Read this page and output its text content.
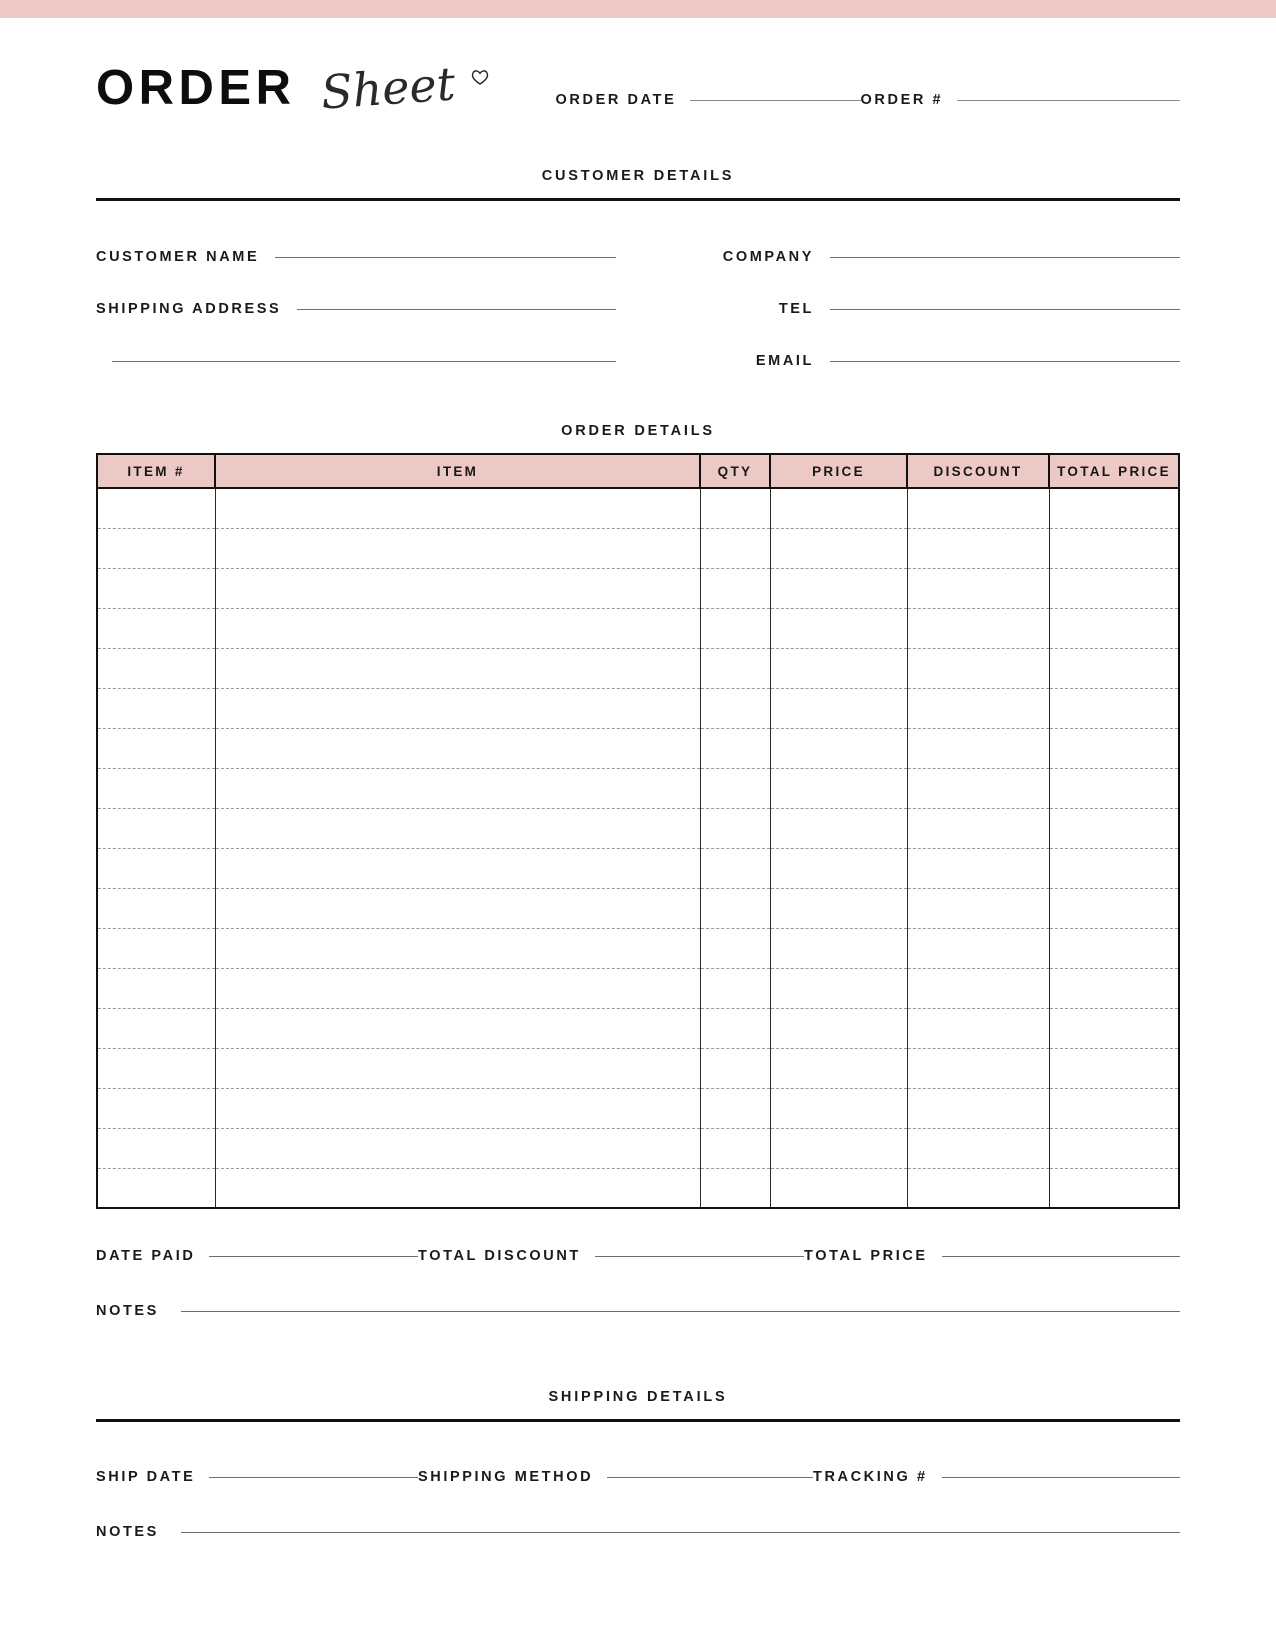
ORDER Sheet	ORDER DATE	ORDER #
CUSTOMER DETAILS
CUSTOMER NAME
SHIPPING ADDRESS
COMPANY
TEL
EMAIL
ORDER DETAILS
ITEM #	ITEM	QTY	PRICE	DISCOUNT	TOTAL PRICE

DATE PAID	TOTAL DISCOUNT	TOTAL PRICE
NOTES
SHIPPING DETAILS
SHIP DATE	SHIPPING METHOD	TRACKING #
NOTES
